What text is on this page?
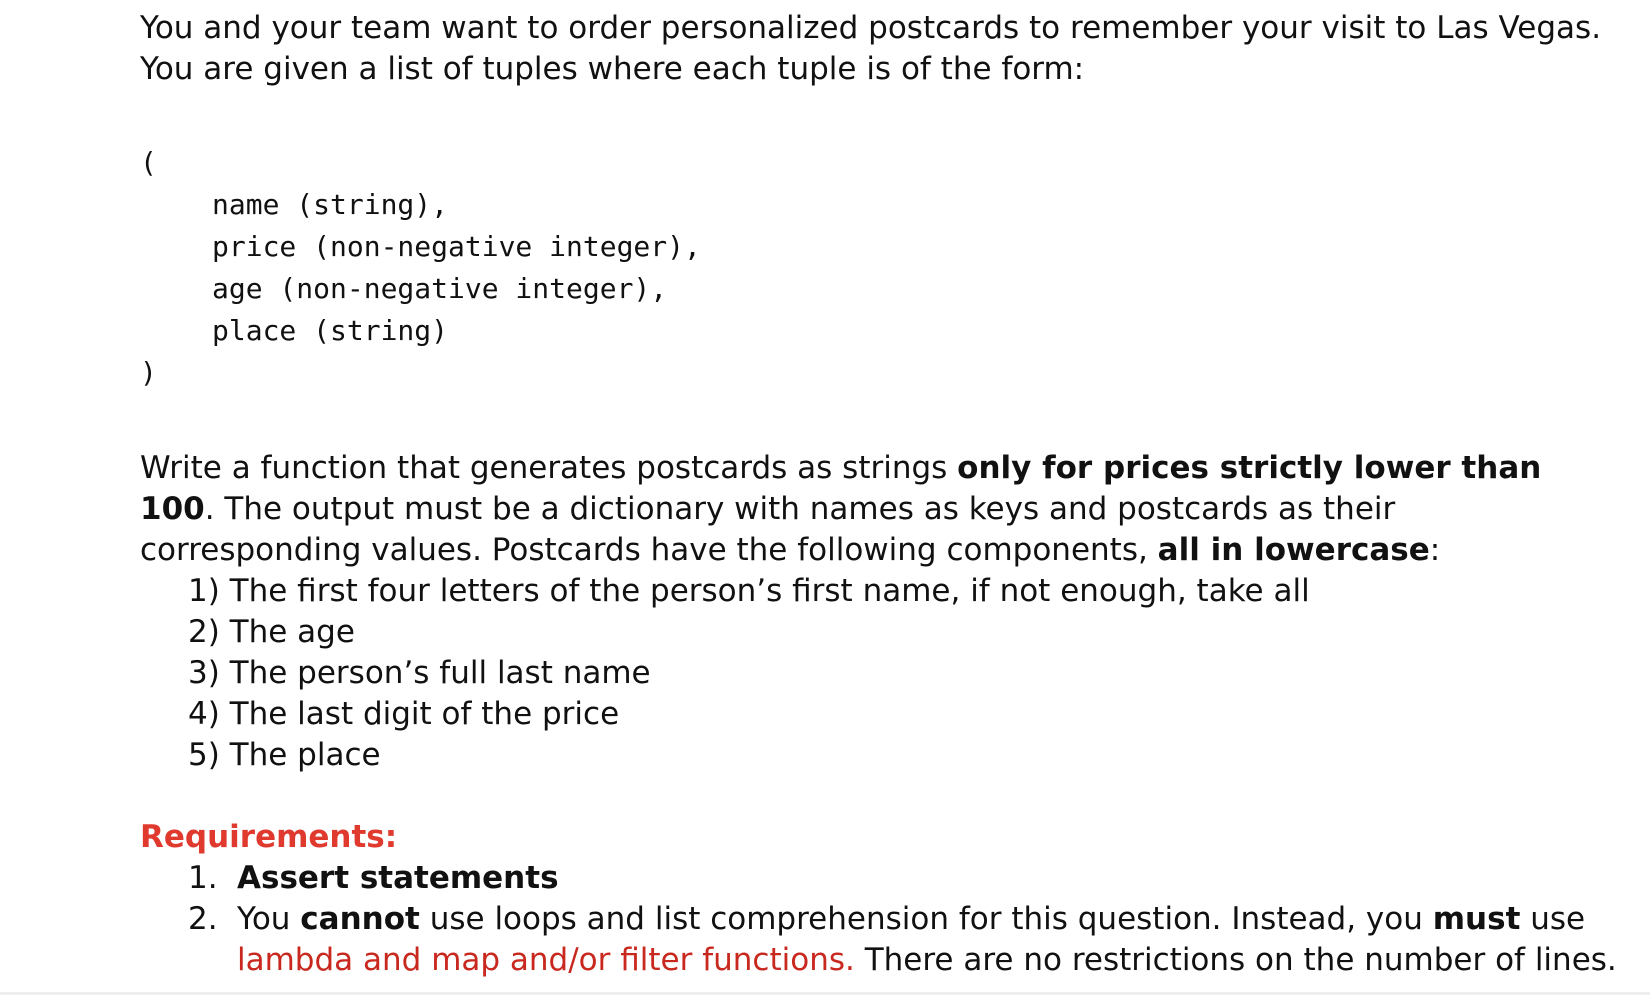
You and your team want to order personalized postcards to remember your visit to Las Vegas. You are given a list of tuples where each tuple is of the form:

(
name (string),
price (non-negative integer),
age (non-negative integer),
place (string)
)

Write a function that generates postcards as strings only for prices strictly lower than 100. The output must be a dictionary with names as keys and postcards as their corresponding values. Postcards have the following components, all in lowercase:

1) The first four letters of the person’s first name, if not enough, take all
2) The age
3) The person’s full last name
4) The last digit of the price
5) The place

Requirements:

1. Assert statements
2. You cannot use loops and list comprehension for this question. Instead, you must use lambda and map and/or filter functions. There are no restrictions on the number of lines.
